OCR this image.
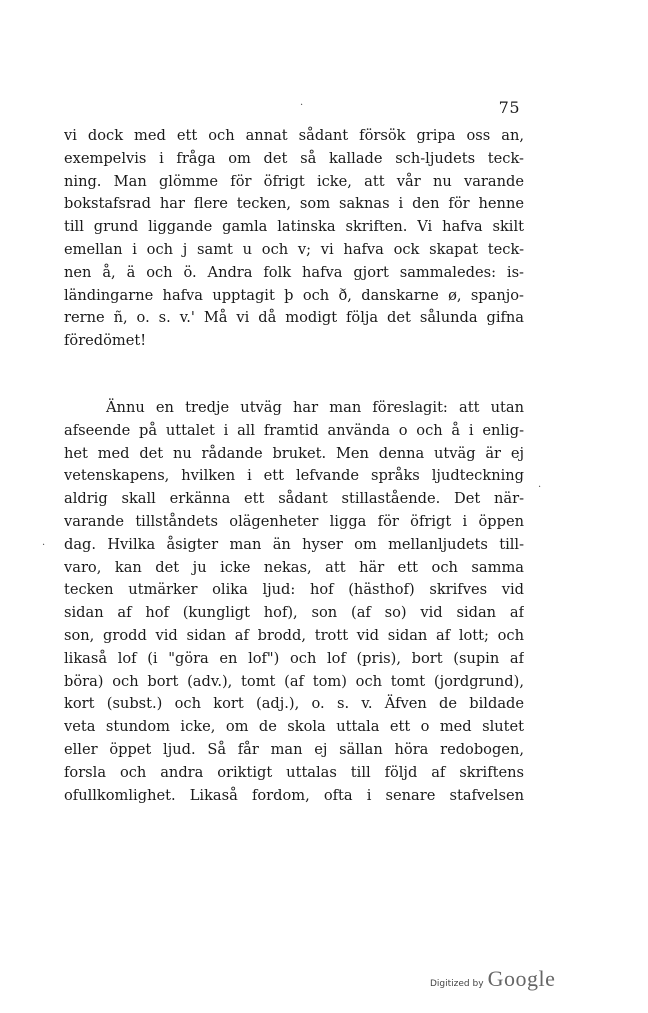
75
vi dock med ett och annat sådant försök gripa oss an,
exempelvis i fråga om det så kallade sch-ljudets teck-
ning. Man glömme för öfrigt icke, att vår nu varande
bokstafsrad har flere tecken, som saknas i den för henne
till grund liggande gamla latinska skriften. Vi hafva skilt
emellan i och j samt u och v; vi hafva ock skapat teck-
nen å, ä och ö. Andra folk hafva gjort sammaledes: is-
ländingarne hafva upptagit þ och ð, danskarne ø, spanjo-
rerne ñ, o. s. v.' Må vi då modigt följa det sålunda gifna
föredömet!
Ännu en tredje utväg har man föreslagit: att utan
afseende på uttalet i all framtid använda o och å i enlig-
het med det nu rådande bruket. Men denna utväg är ej
vetenskapens, hvilken i ett lefvande språks ljudteckning
aldrig skall erkänna ett sådant stillastående. Det när-
varande tillståndets olägenheter ligga för öfrigt i öppen
dag. Hvilka åsigter man än hyser om mellanljudets till-
varo, kan det ju icke nekas, att här ett och samma
tecken utmärker olika ljud: hof (hästhof) skrifves vid
sidan af hof (kungligt hof), son (af so) vid sidan af
son, grodd vid sidan af brodd, trott vid sidan af lott; och
likaså lof (i "göra en lof") och lof (pris), bort (supin af
böra) och bort (adv.), tomt (af tom) och tomt (jordgrund),
kort (subst.) och kort (adj.), o. s. v. Äfven de bildade
veta stundom icke, om de skola uttala ett o med slutet
eller öppet ljud. Så får man ej sällan höra redobogen,
forsla och andra oriktigt uttalas till följd af skriftens
ofullkomlighet. Likaså fordom, ofta i senare stafvelsen
·
·
·
Digitized by Google
